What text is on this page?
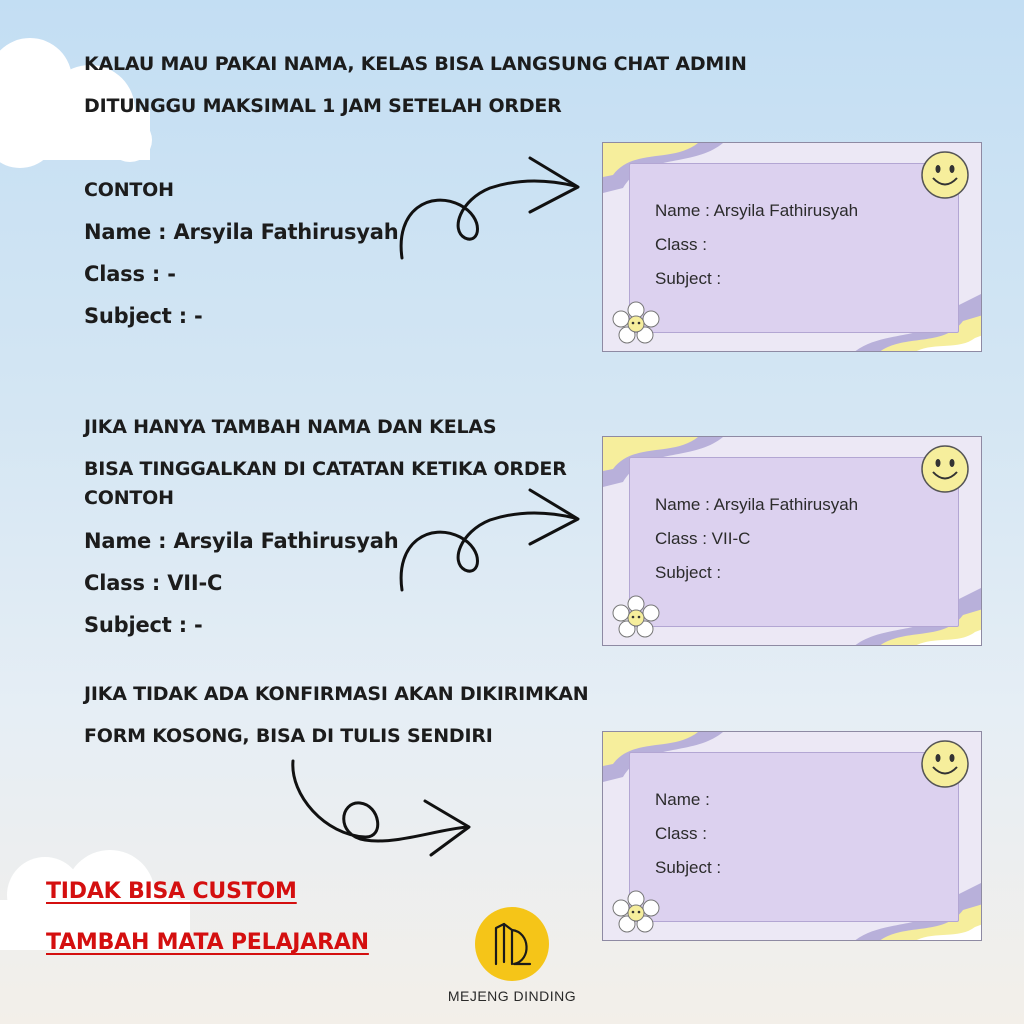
KALAU MAU PAKAI NAMA, KELAS BISA LANGSUNG CHAT ADMIN

DITUNGGU MAKSIMAL 1 JAM SETELAH ORDER

CONTOH

Name : Arsyila Fathirusyah

Class : -

Subject : -

JIKA HANYA TAMBAH NAMA DAN KELAS

BISA TINGGALKAN DI CATATAN KETIKA ORDER

CONTOH

Name : Arsyila Fathirusyah

Class : VII-C

Subject : -

JIKA TIDAK ADA KONFIRMASI AKAN DIKIRIMKAN

FORM KOSONG, BISA DI TULIS SENDIRI

TIDAK BISA CUSTOM

TAMBAH MATA PELAJARAN

Name : Arsyila Fathirusyah
Class :
Subject :
Name : Arsyila Fathirusyah
Class : VII-C
Subject :
Name :
Class :
Subject :
MEJENG DINDING
